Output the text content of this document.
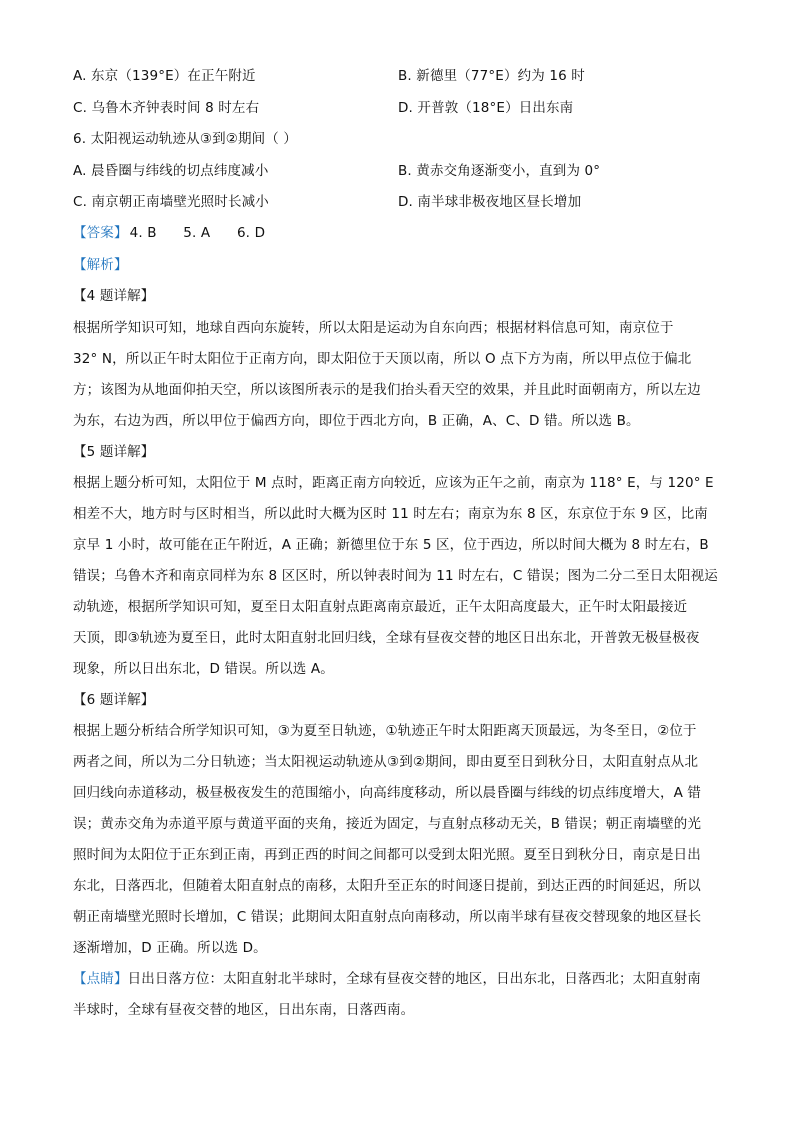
A. 东京（139°E）在正午附近	B. 新德里（77°E）约为 16 时
C. 乌鲁木齐钟表时间 8 时左右	D. 开普敦（18°E）日出东南
6. 太阳视运动轨迹从③到②期间（ ）
A. 晨昏圈与纬线的切点纬度减小	B. 黄赤交角逐渐变小，直到为 0°
C. 南京朝正南墙壁光照时长减小	D. 南半球非极夜地区昼长增加
【答案】 4. B      5. A      6. D
【解析】
【4 题详解】
根据所学知识可知，地球自西向东旋转，所以太阳是运动为自东向西；根据材料信息可知，南京位于
32° N，所以正午时太阳位于正南方向，即太阳位于天顶以南，所以 O 点下方为南，所以甲点位于偏北
方；该图为从地面仰拍天空，所以该图所表示的是我们抬头看天空的效果，并且此时面朝南方，所以左边
为东，右边为西，所以甲位于偏西方向，即位于西北方向，B 正确，A、C、D 错。所以选 B。
【5 题详解】
根据上题分析可知，太阳位于 M 点时，距离正南方向较近，应该为正午之前，南京为 118° E，与 120° E
相差不大，地方时与区时相当，所以此时大概为区时 11 时左右；南京为东 8 区，东京位于东 9 区，比南
京早 1 小时，故可能在正午附近，A 正确；新德里位于东 5 区，位于西边，所以时间大概为 8 时左右，B
错误；乌鲁木齐和南京同样为东 8 区区时，所以钟表时间为 11 时左右，C 错误；图为二分二至日太阳视运
动轨迹，根据所学知识可知，夏至日太阳直射点距离南京最近，正午太阳高度最大，正午时太阳最接近
天顶，即③轨迹为夏至日，此时太阳直射北回归线，全球有昼夜交替的地区日出东北，开普敦无极昼极夜
现象，所以日出东北，D 错误。所以选 A。
【6 题详解】
根据上题分析结合所学知识可知，③为夏至日轨迹，①轨迹正午时太阳距离天顶最远，为冬至日，②位于
两者之间，所以为二分日轨迹；当太阳视运动轨迹从③到②期间，即由夏至日到秋分日，太阳直射点从北
回归线向赤道移动，极昼极夜发生的范围缩小，向高纬度移动，所以晨昏圈与纬线的切点纬度增大，A 错
误；黄赤交角为赤道平原与黄道平面的夹角，接近为固定，与直射点移动无关，B 错误；朝正南墙壁的光
照时间为太阳位于正东到正南，再到正西的时间之间都可以受到太阳光照。夏至日到秋分日，南京是日出
东北，日落西北，但随着太阳直射点的南移，太阳升至正东的时间逐日提前，到达正西的时间延迟，所以
朝正南墙壁光照时长增加，C 错误；此期间太阳直射点向南移动，所以南半球有昼夜交替现象的地区昼长
逐渐增加，D 正确。所以选 D。
【点睛】日出日落方位：太阳直射北半球时，全球有昼夜交替的地区，日出东北，日落西北；太阳直射南
半球时，全球有昼夜交替的地区，日出东南，日落西南。
